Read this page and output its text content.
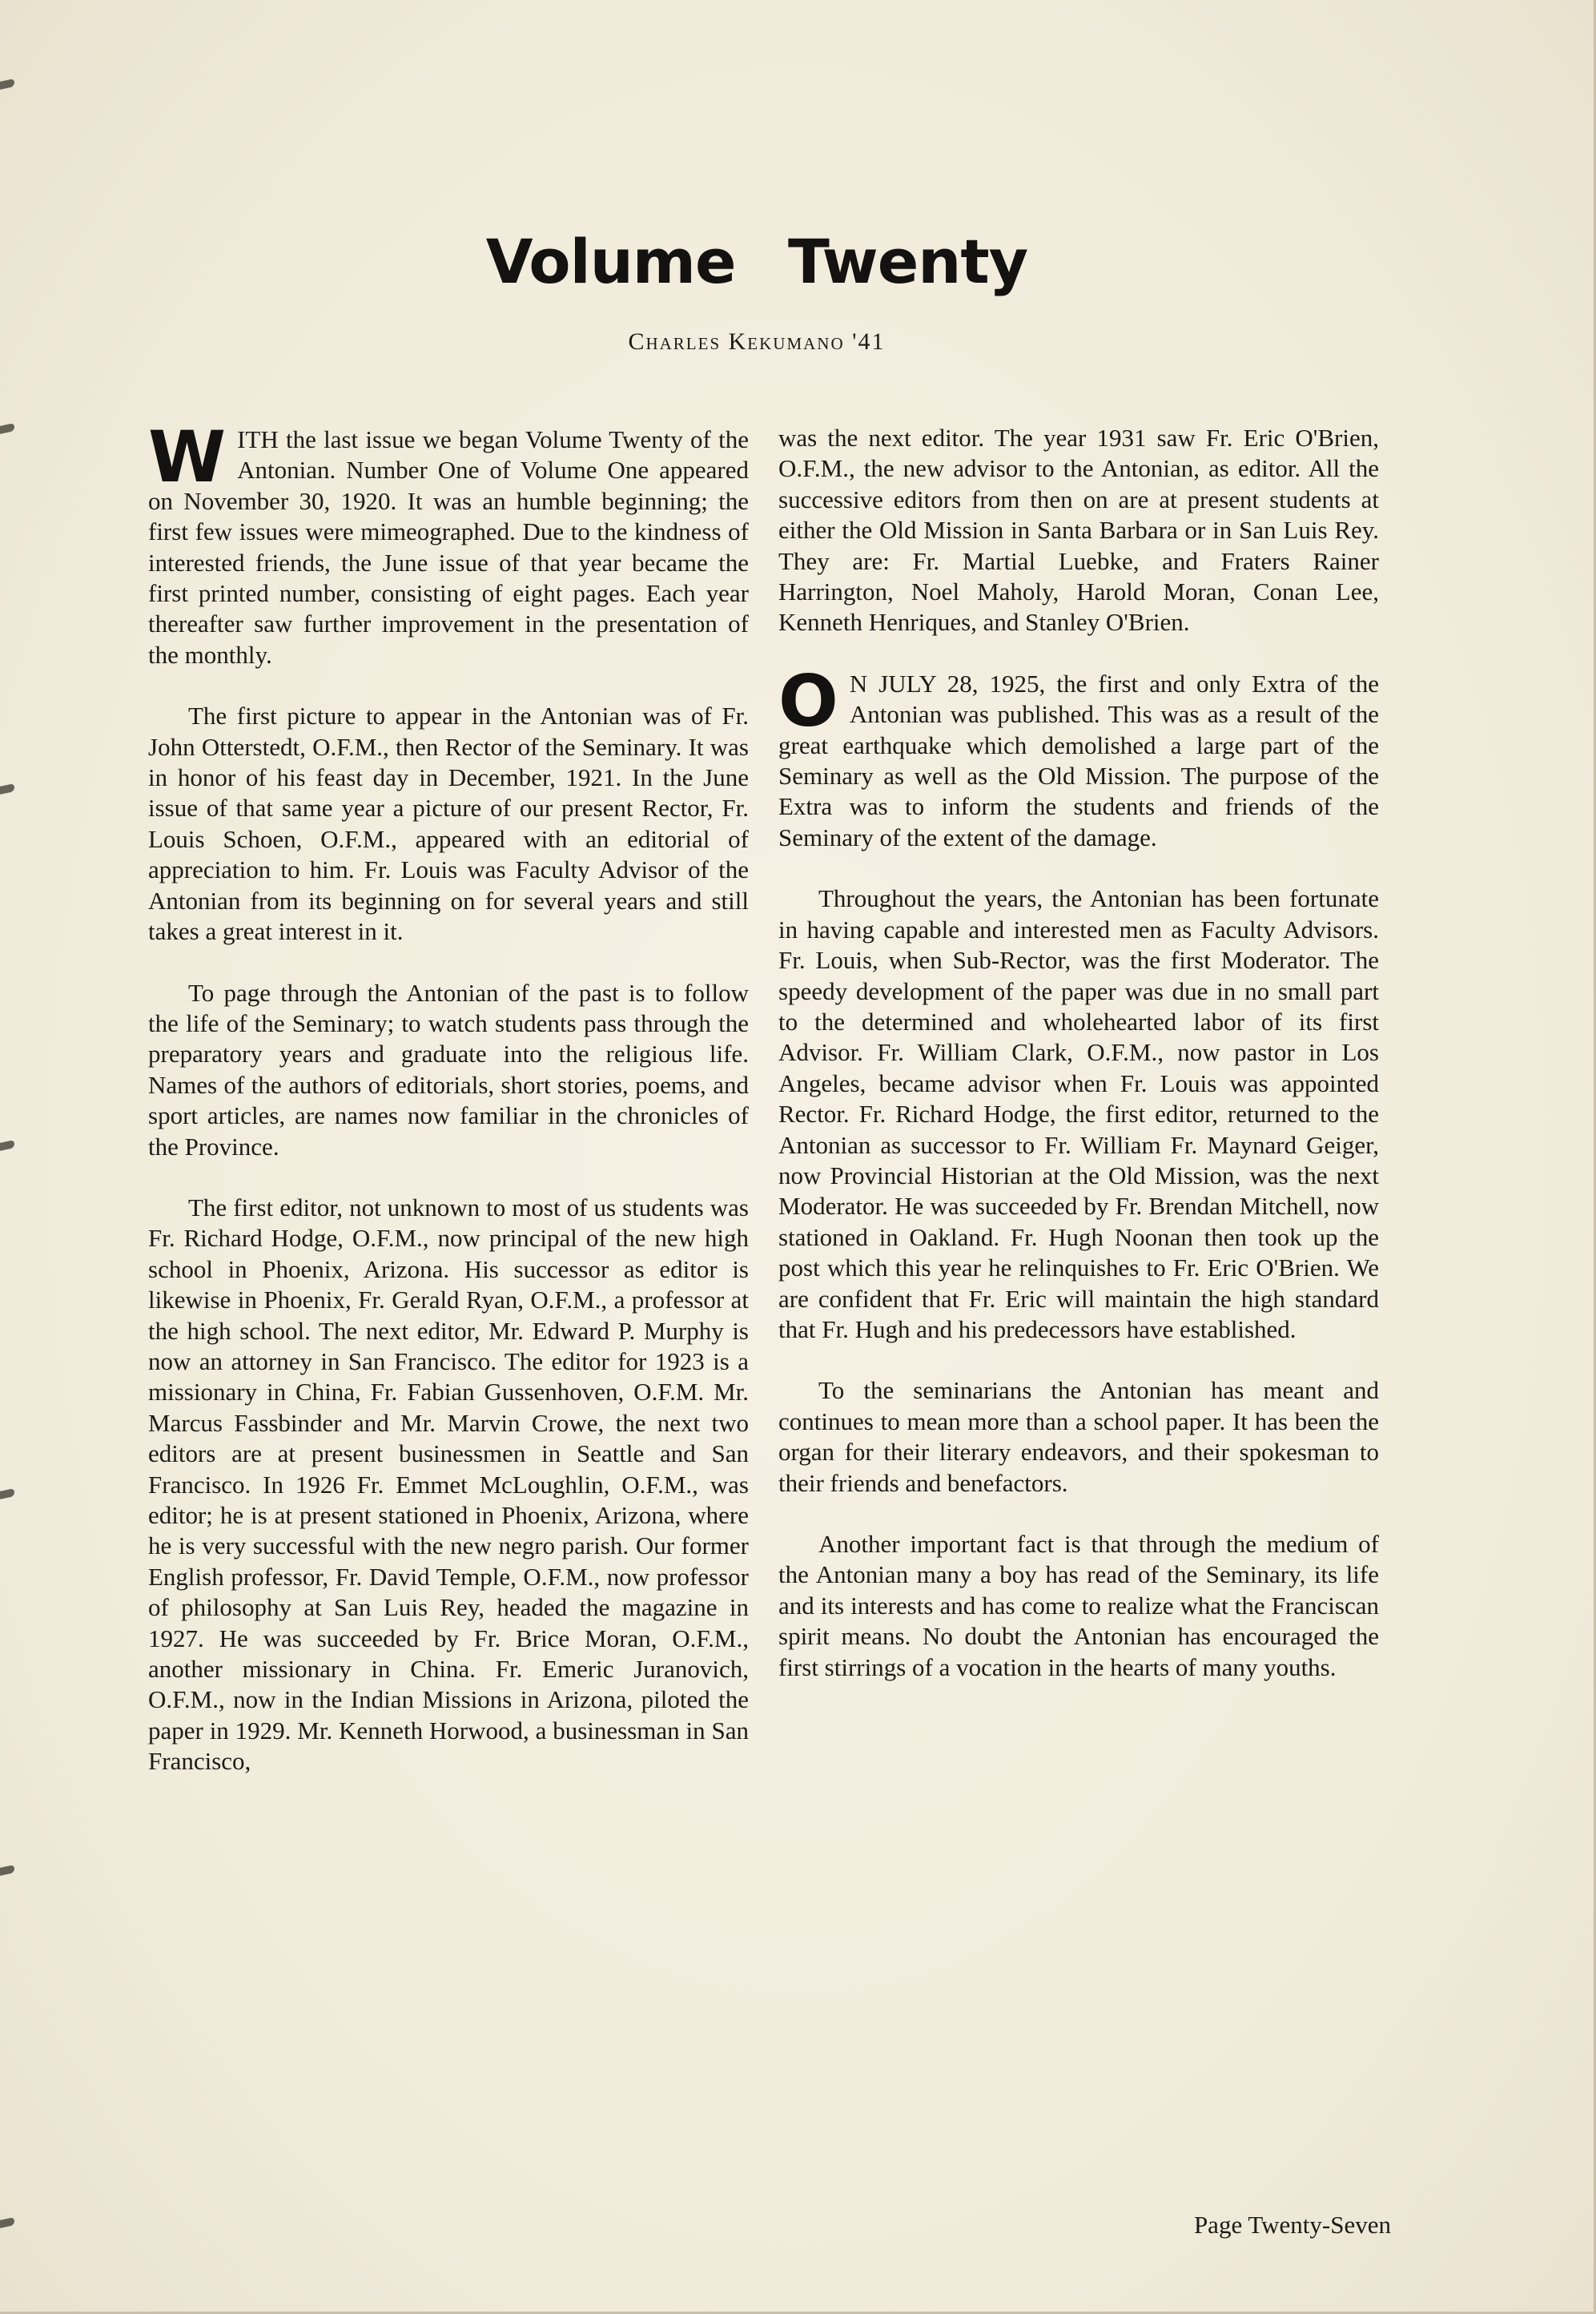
Volume Twenty

Charles Kekumano '41

WITH the last issue we began Volume Twenty of the Antonian. Number One of Volume One appeared on November 30, 1920. It was an humble beginning; the first few issues were mimeographed. Due to the kindness of interested friends, the June issue of that year became the first printed number, consisting of eight pages. Each year thereafter saw further improvement in the presentation of the monthly.

The first picture to appear in the Antonian was of Fr. John Otterstedt, O.F.M., then Rector of the Seminary. It was in honor of his feast day in December, 1921. In the June issue of that same year a picture of our present Rector, Fr. Louis Schoen, O.F.M., appeared with an editorial of appreciation to him. Fr. Louis was Faculty Advisor of the Antonian from its beginning on for several years and still takes a great interest in it.

To page through the Antonian of the past is to follow the life of the Seminary; to watch students pass through the preparatory years and graduate into the religious life. Names of the authors of editorials, short stories, poems, and sport articles, are names now familiar in the chronicles of the Province.

The first editor, not unknown to most of us students was Fr. Richard Hodge, O.F.M., now principal of the new high school in Phoenix, Arizona. His successor as editor is likewise in Phoenix, Fr. Gerald Ryan, O.F.M., a professor at the high school. The next editor, Mr. Edward P. Murphy is now an attorney in San Francisco. The editor for 1923 is a missionary in China, Fr. Fabian Gussenhoven, O.F.M. Mr. Marcus Fassbinder and Mr. Marvin Crowe, the next two editors are at present businessmen in Seattle and San Francisco. In 1926 Fr. Emmet McLoughlin, O.F.M., was editor; he is at present stationed in Phoenix, Arizona, where he is very successful with the new negro parish. Our former English professor, Fr. David Temple, O.F.M., now professor of philosophy at San Luis Rey, headed the magazine in 1927. He was succeeded by Fr. Brice Moran, O.F.M., another missionary in China. Fr. Emeric Juranovich, O.F.M., now in the Indian Missions in Arizona, piloted the paper in 1929. Mr. Kenneth Horwood, a businessman in San Francisco,

was the next editor. The year 1931 saw Fr. Eric O'Brien, O.F.M., the new advisor to the Antonian, as editor. All the successive editors from then on are at present students at either the Old Mission in Santa Barbara or in San Luis Rey. They are: Fr. Martial Luebke, and Fraters Rainer Harrington, Noel Maholy, Harold Moran, Conan Lee, Kenneth Henriques, and Stanley O'Brien.

O N JULY 28, 1925, the first and only Extra of the Antonian was published. This was as a result of the great earthquake which demolished a large part of the Seminary as well as the Old Mission. The purpose of the Extra was to inform the students and friends of the Seminary of the extent of the damage.

Throughout the years, the Antonian has been fortunate in having capable and interested men as Faculty Advisors. Fr. Louis, when Sub-Rector, was the first Moderator. The speedy development of the paper was due in no small part to the determined and wholehearted labor of its first Advisor. Fr. William Clark, O.F.M., now pastor in Los Angeles, became advisor when Fr. Louis was appointed Rector. Fr. Richard Hodge, the first editor, returned to the Antonian as successor to Fr. William Fr. Maynard Geiger, now Provincial Historian at the Old Mission, was the next Moderator. He was succeeded by Fr. Brendan Mitchell, now stationed in Oakland. Fr. Hugh Noonan then took up the post which this year he relinquishes to Fr. Eric O'Brien. We are confident that Fr. Eric will maintain the high standard that Fr. Hugh and his predecessors have established.

To the seminarians the Antonian has meant and continues to mean more than a school paper. It has been the organ for their literary endeavors, and their spokesman to their friends and benefactors.

Another important fact is that through the medium of the Antonian many a boy has read of the Seminary, its life and its interests and has come to realize what the Franciscan spirit means. No doubt the Antonian has encouraged the first stirrings of a vocation in the hearts of many youths.

Page Twenty-Seven
